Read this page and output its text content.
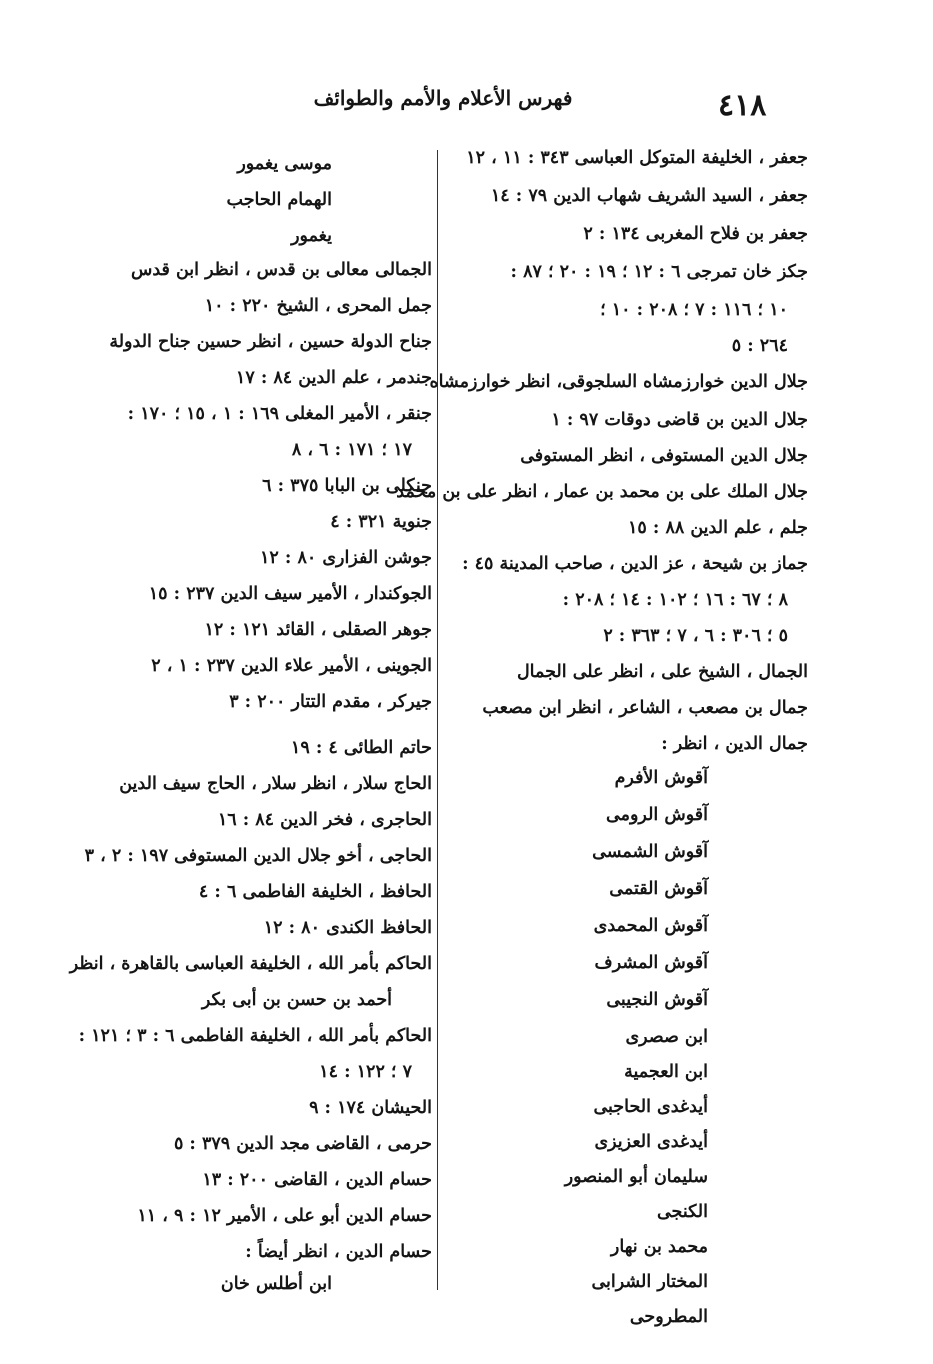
٤١٨
فهرس الأعلام والأمم والطوائف
جعفر ، الخليفة المتوكل العباسى ٣٤٣ : ١١ ، ١٢
جعفر ، السيد الشريف شهاب الدين ٧٩ : ١٤
جعفر بن فلاح المغربى ١٣٤ : ٢
جكز خان تمرجى ٦ : ١٢ ؛ ١٩ : ٢٠ ؛ ٨٧ :
١٠ ؛ ١١٦ : ٧ ؛ ٢٠٨ : ١٠ ؛
٢٦٤ : ٥
جلال الدين خوارزمشاه السلجوقى، انظر خوارزمشاه
جلال الدين بن قاضى دوقات ٩٧ : ١
جلال الدين المستوفى ، انظر المستوفى
جلال الملك على بن محمد بن عمار ، انظر على بن محمد
جلم ، علم الدين ٨٨ : ١٥
جماز بن شيحة ، عز الدين ، صاحب المدينة ٤٥ :
٨ ؛ ٦٧ : ١٦ ؛ ١٠٢ : ١٤ ؛ ٢٠٨ :
٥ ؛ ٣٠٦ : ٦ ، ٧ ؛ ٣٦٣ : ٢
الجمال ، الشيخ على ، انظر على الجمال
جمال بن مصعب ، الشاعر ، انظر ابن مصعب
جمال الدين ، انظر :
آقوش الأفرم
آقوش الرومى
آقوش الشمسى
آقوش القتمى
آقوش المحمدى
آقوش المشرف
آقوش النجيبى
ابن صصرى
ابن العجمية
أيدغدى الحاجبى
أيدغدى العزيزى
سليمان أبو المنصور
الكنجى
محمد بن نهار
المختار الشرابى
المطروحى
موسى يغمور
الهمام الحاجب
يغمور
الجمالى معالى بن قدس ، انظر ابن قدس
جمل المحرى ، الشيخ ٢٢٠ : ١٠
جناح الدولة حسين ، انظر حسين جناح الدولة
جندمر ، علم الدين ٨٤ : ١٧
جنقر ، الأمير المغلى ١٦٩ : ١ ، ١٥ ؛ ١٧٠ :
١٧ ؛ ١٧١ : ٦ ، ٨
جنكلى بن البابا ٣٧٥ : ٦
جنوية ٣٢١ : ٤
جوشن الفزارى ٨٠ : ١٢
الجوكندار ، الأمير سيف الدين ٢٣٧ : ١٥
جوهر الصقلى ، القائد ١٢١ : ١٢
الجوينى ، الأمير علاء الدين ٢٣٧ : ١ ، ٢
جيركر ، مقدم التتار ٢٠٠ : ٣
حاتم الطائى ٤ : ١٩
الحاج سلار ، انظر سلار ، الحاج سيف الدين
الحاجرى ، فخر الدين ٨٤ : ١٦
الحاجى ، أخو جلال الدين المستوفى ١٩٧ : ٢ ، ٣
الحافظ ، الخليفة الفاطمى ٦ : ٤
الحافظ الكندى ٨٠ : ١٢
الحاكم بأمر الله ، الخليفة العباسى بالقاهرة ، انظر
أحمد بن حسن بن أبى بكر
الحاكم بأمر الله ، الخليفة الفاطمى ٦ : ٣ ؛ ١٢١ :
٧ ؛ ١٢٢ : ١٤
الحيشان ١٧٤ : ٩
حرمى ، القاضى مجد الدين ٣٧٩ : ٥
حسام الدين ، القاضى ٢٠٠ : ١٣
حسام الدين أبو على ، الأمير ١٢ : ٩ ، ١١
حسام الدين ، انظر أيضاً :
ابن أطلس خان
